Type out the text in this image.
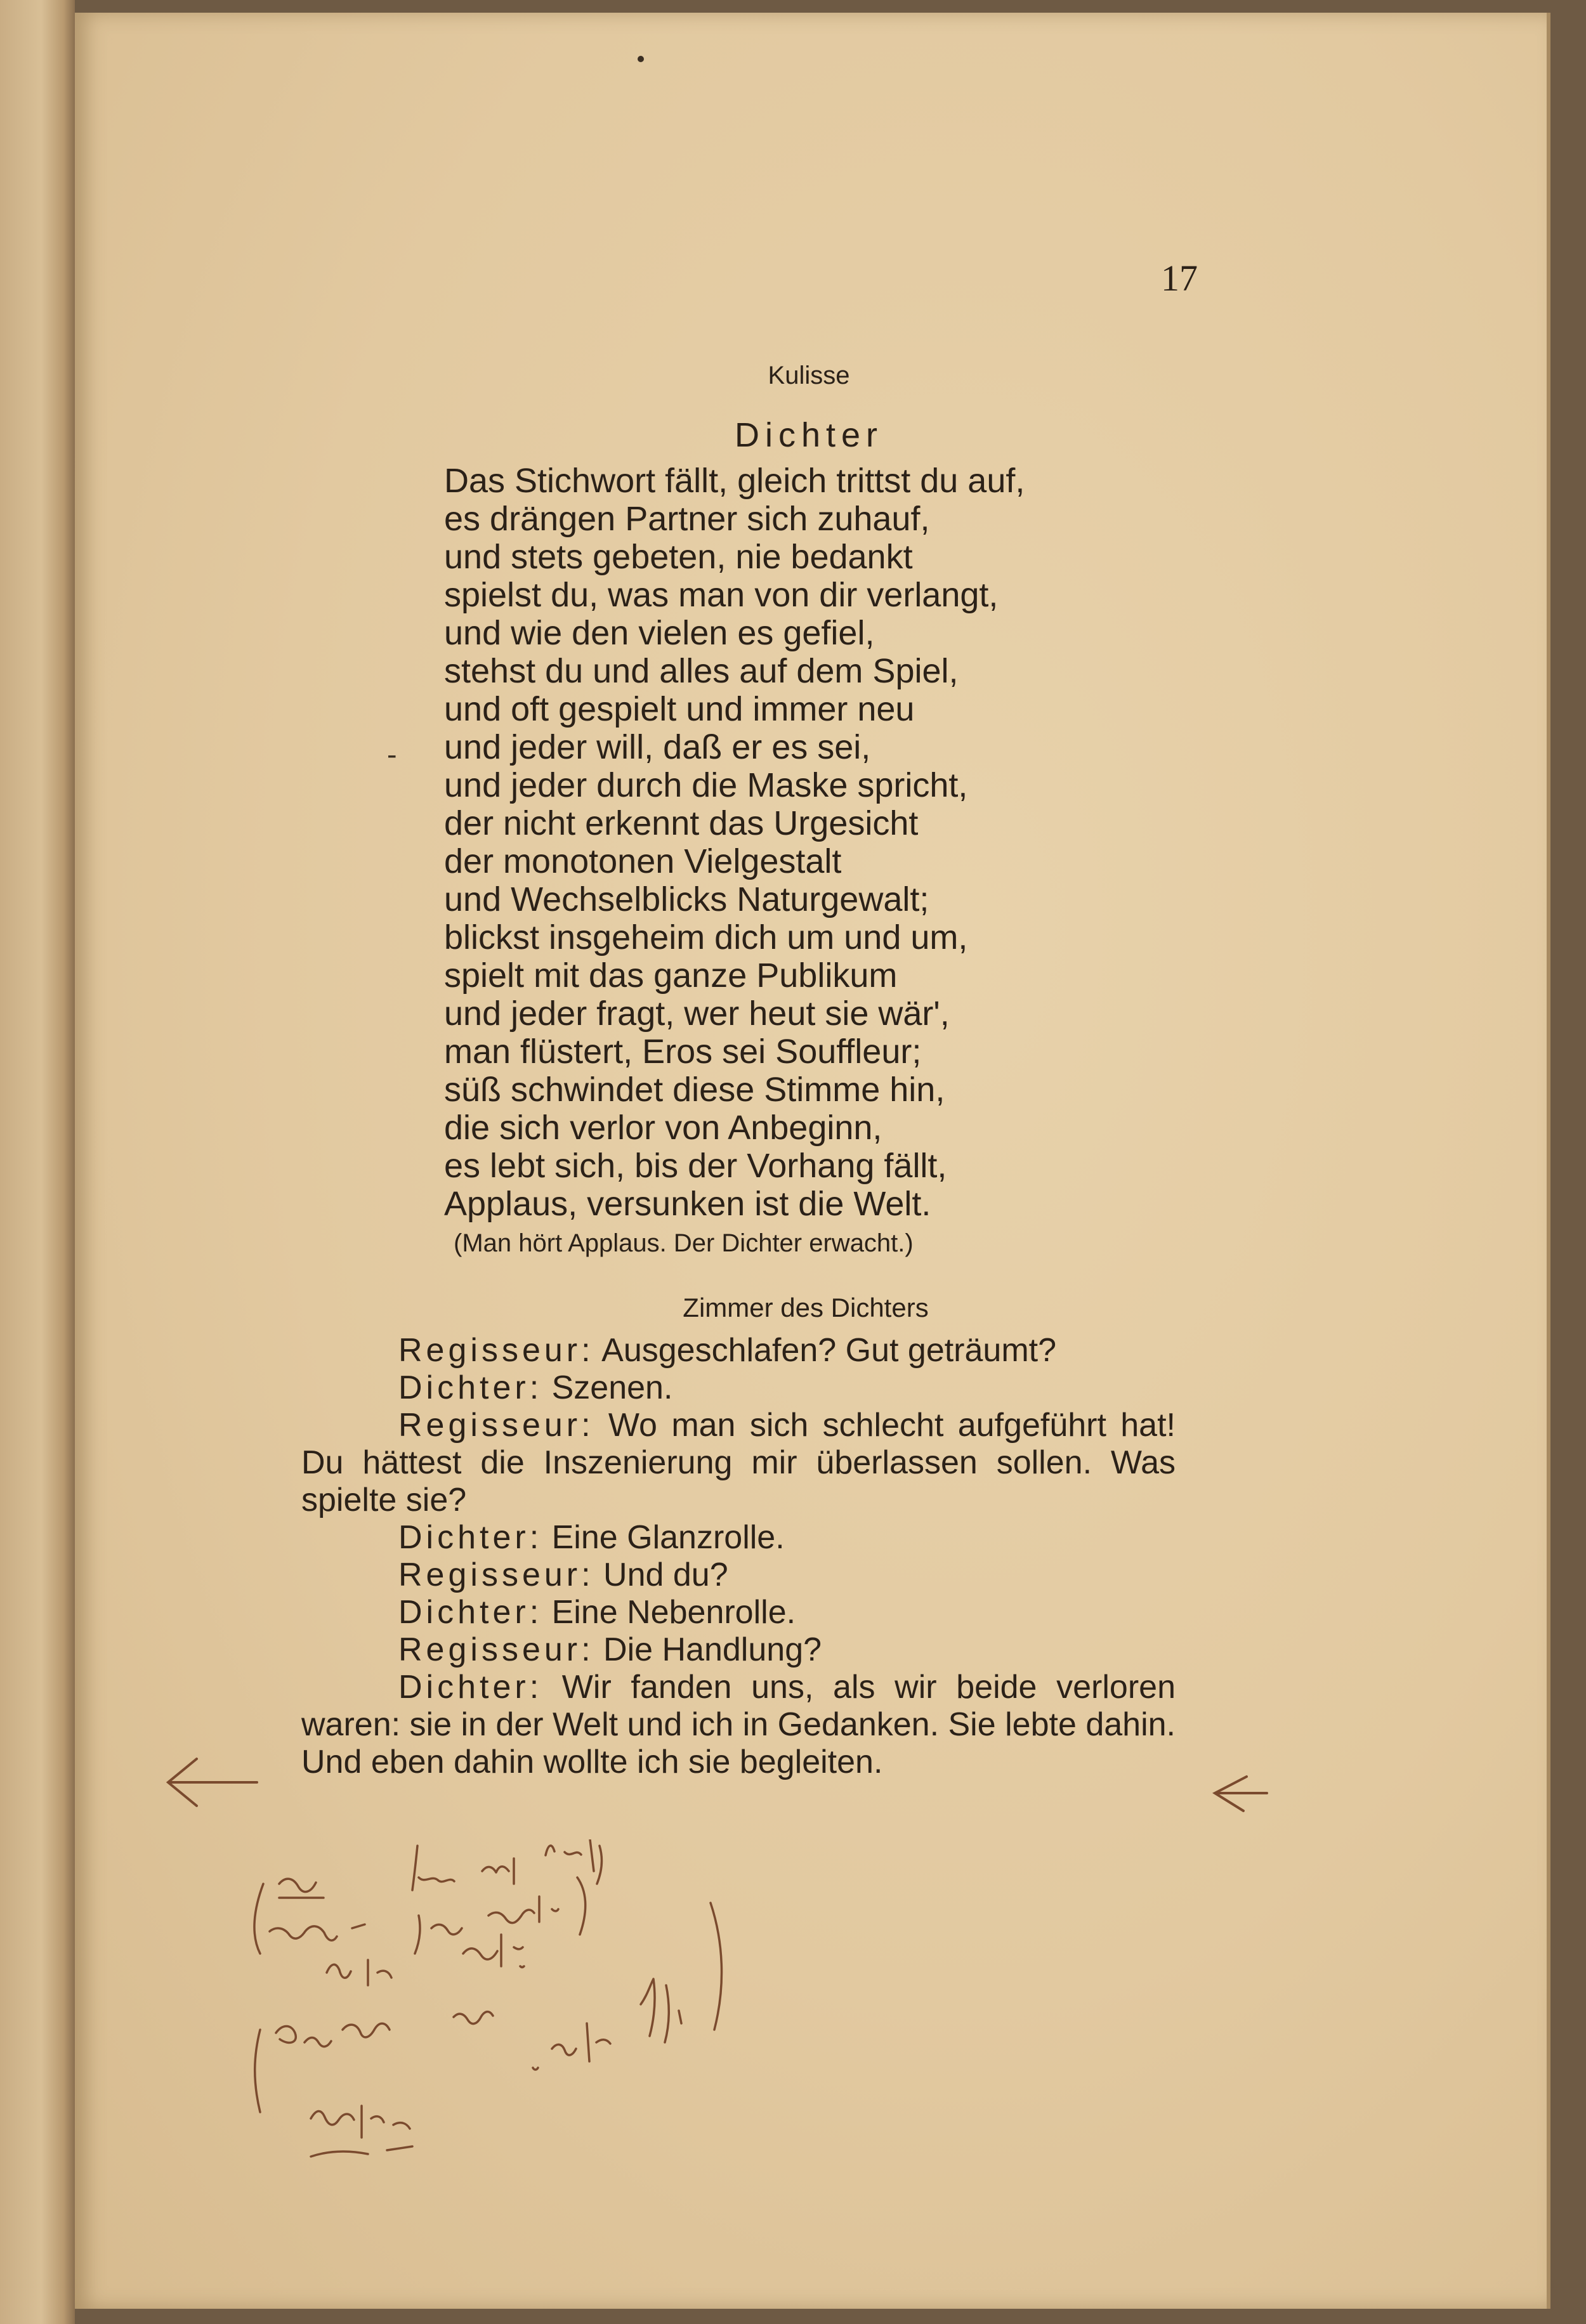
17
Kulisse
Dichter
Das Stichwort fällt, gleich trittst du auf,
es drängen Partner sich zuhauf,
und stets gebeten, nie bedankt
spielst du, was man von dir verlangt,
und wie den vielen es gefiel,
stehst du und alles auf dem Spiel,
und oft gespielt und immer neu
und jeder will, daß er es sei,
und jeder durch die Maske spricht,
der nicht erkennt das Urgesicht
der monotonen Vielgestalt
und Wechselblicks Naturgewalt;
blickst insgeheim dich um und um,
spielt mit das ganze Publikum
und jeder fragt, wer heut sie wär',
man flüstert, Eros sei Souffleur;
süß schwindet diese Stimme hin,
die sich verlor von Anbeginn,
es lebt sich, bis der Vorhang fällt,
Applaus, versunken ist die Welt.
-
(Man hört Applaus. Der Dichter erwacht.)
Zimmer des Dichters

Regisseur: Ausgeschlafen? Gut geträumt?

Dichter: Szenen.

Regisseur: Wo man sich schlecht aufgeführt hat! Du hättest die Inszenierung mir überlassen sollen. Was spielte sie?

Dichter: Eine Glanzrolle.

Regisseur: Und du?

Dichter: Eine Nebenrolle.

Regisseur: Die Handlung?

Dichter: Wir fanden uns, als wir beide verloren waren: sie in der Welt und ich in Gedanken. Sie lebte dahin. Und eben dahin wollte ich sie begleiten.
